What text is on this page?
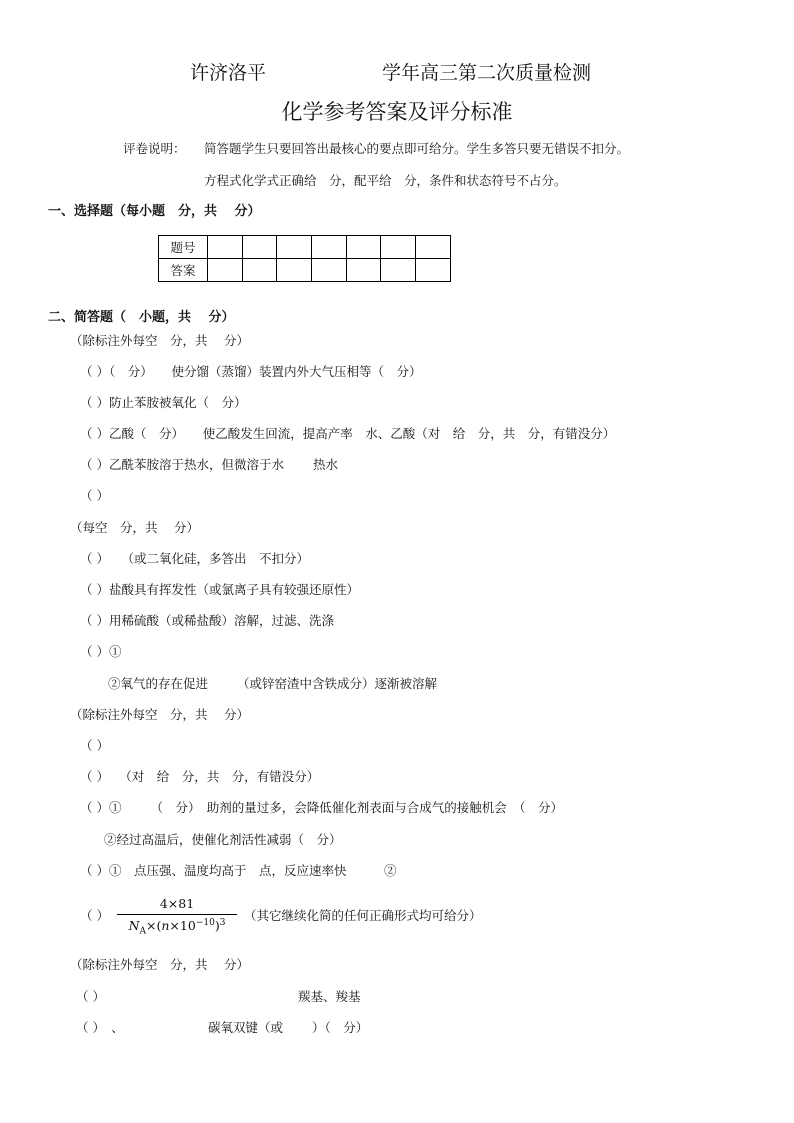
许济洛平	学年高三第二次质量检测
化学参考答案及评分标准
评卷说明： 简答题学生只要回答出最核心的要点即可给分。学生多答只要无错误不扣分。
方程式化学式正确给　分，配平给　分，条件和状态符号不占分。
一、选择题（每小题　分，共　 分）
题号							
答案							
二、简答题（　小题，共　 分）
（除标注外每空　分，共　 分）
（ ）（　分）　　使分馏（蒸馏）装置内外大气压相等（　分）
（ ）防止苯胺被氧化（　分）
（ ）乙酸（　分）　　使乙酸发生回流，提高产率　水、乙酸（对　给　分，共　分，有错没分）
（ ）乙酰苯胺溶于热水，但微溶于水　　 热水
（ ）
（每空　分，共　 分）
（ ）　　（或二氧化硅，多答出　不扣分）
（ ）盐酸具有挥发性（或氯离子具有较强还原性）
（ ）用稀硫酸（或稀盐酸）溶解，过滤、洗涤
（ ）①
②氧气的存在促进　　 （或锌窑渣中含铁成分）逐渐被溶解
（除标注外每空　分，共　 分）
（ ）
（ ）　 （对　给　分，共　分，有错没分）
（ ）①　　 （　分）　助剂的量过多，会降低催化剂表面与合成气的接触机会　（　分）
②经过高温后，使催化剂活性减弱（　分）
（ ）①　点压强、温度均高于　点，反应速率快　　　②
（ ）
4×81
$N_A\times(n\times 10^{-10})^3$	（其它继续化简的任何正确形式均可给分）
（除标注外每空　分，共　 分）
（ ）	羰基、羧基
（ ）　、	碳氧双键（或　　 ）（　分）
